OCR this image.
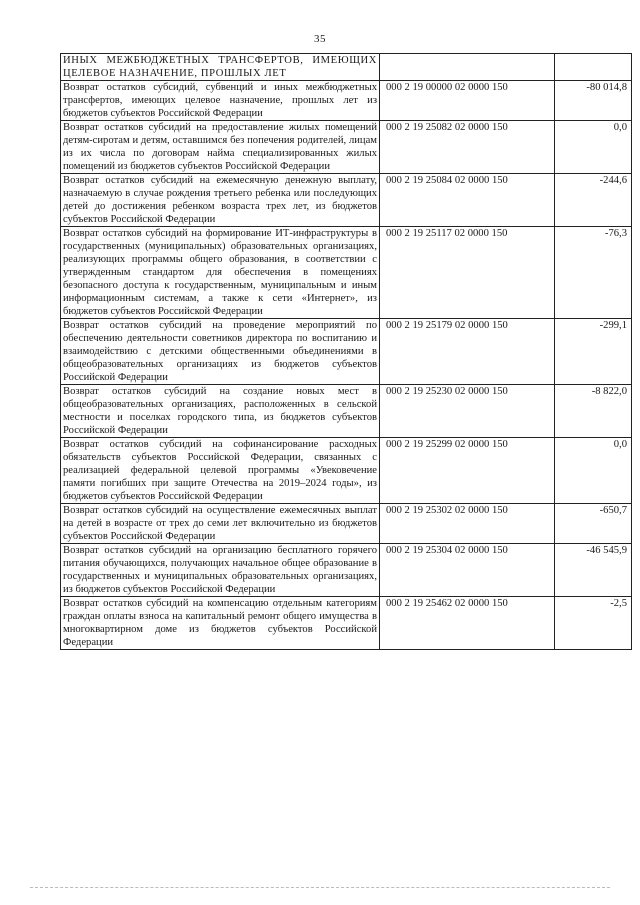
35
ИНЫХ МЕЖБЮДЖЕТНЫХ ТРАНСФЕРТОВ, ИМЕЮЩИХ ЦЕЛЕВОЕ НАЗНАЧЕНИЕ, ПРОШЛЫХ ЛЕТ		
Возврат остатков субсидий, субвенций и иных межбюджетных трансфертов, имеющих целевое назначение, прошлых лет из бюджетов субъектов Российской Федерации	000 2 19 00000 02 0000 150	-80 014,8
Возврат остатков субсидий на предоставление жилых помещений детям-сиротам и детям, оставшимся без попечения родителей, лицам из их числа по договорам найма специализированных жилых помещений из бюджетов субъектов Российской Федерации	000 2 19 25082 02 0000 150	0,0
Возврат остатков субсидий на ежемесячную денежную выплату, назначаемую в случае рождения третьего ребенка или последующих детей до достижения ребенком возраста трех лет, из бюджетов субъектов Российской Федерации	000 2 19 25084 02 0000 150	-244,6
Возврат остатков субсидий на формирование ИТ-инфраструктуры в государственных (муниципальных) образовательных организациях, реализующих программы общего образования, в соответствии с утвержденным стандартом для обеспечения в помещениях безопасного доступа к государственным, муниципальным и иным информационным системам, а также к сети «Интернет», из бюджетов субъектов Российской Федерации	000 2 19 25117 02 0000 150	-76,3
Возврат остатков субсидий на проведение мероприятий по обеспечению деятельности советников директора по воспитанию и взаимодействию с детскими общественными объединениями в общеобразовательных организациях из бюджетов субъектов Российской Федерации	000 2 19 25179 02 0000 150	-299,1
Возврат остатков субсидий на создание новых мест в общеобразовательных организациях, расположенных в сельской местности и поселках городского типа, из бюджетов субъектов Российской Федерации	000 2 19 25230 02 0000 150	-8 822,0
Возврат остатков субсидий на софинансирование расходных обязательств субъектов Российской Федерации, связанных с реализацией федеральной целевой программы «Увековечение памяти погибших при защите Отечества на 2019–2024 годы», из бюджетов субъектов Российской Федерации	000 2 19 25299 02 0000 150	0,0
Возврат остатков субсидий на осуществление ежемесячных выплат на детей в возрасте от трех до семи лет включительно из бюджетов субъектов Российской Федерации	000 2 19 25302 02 0000 150	-650,7
Возврат остатков субсидий на организацию бесплатного горячего питания обучающихся, получающих начальное общее образование в государственных и муниципальных образовательных организациях, из бюджетов субъектов Российской Федерации	000 2 19 25304 02 0000 150	-46 545,9
Возврат остатков субсидий на компенсацию отдельным категориям граждан оплаты взноса на капитальный ремонт общего имущества в многоквартирном доме из бюджетов субъектов Российской Федерации	000 2 19 25462 02 0000 150	-2,5
